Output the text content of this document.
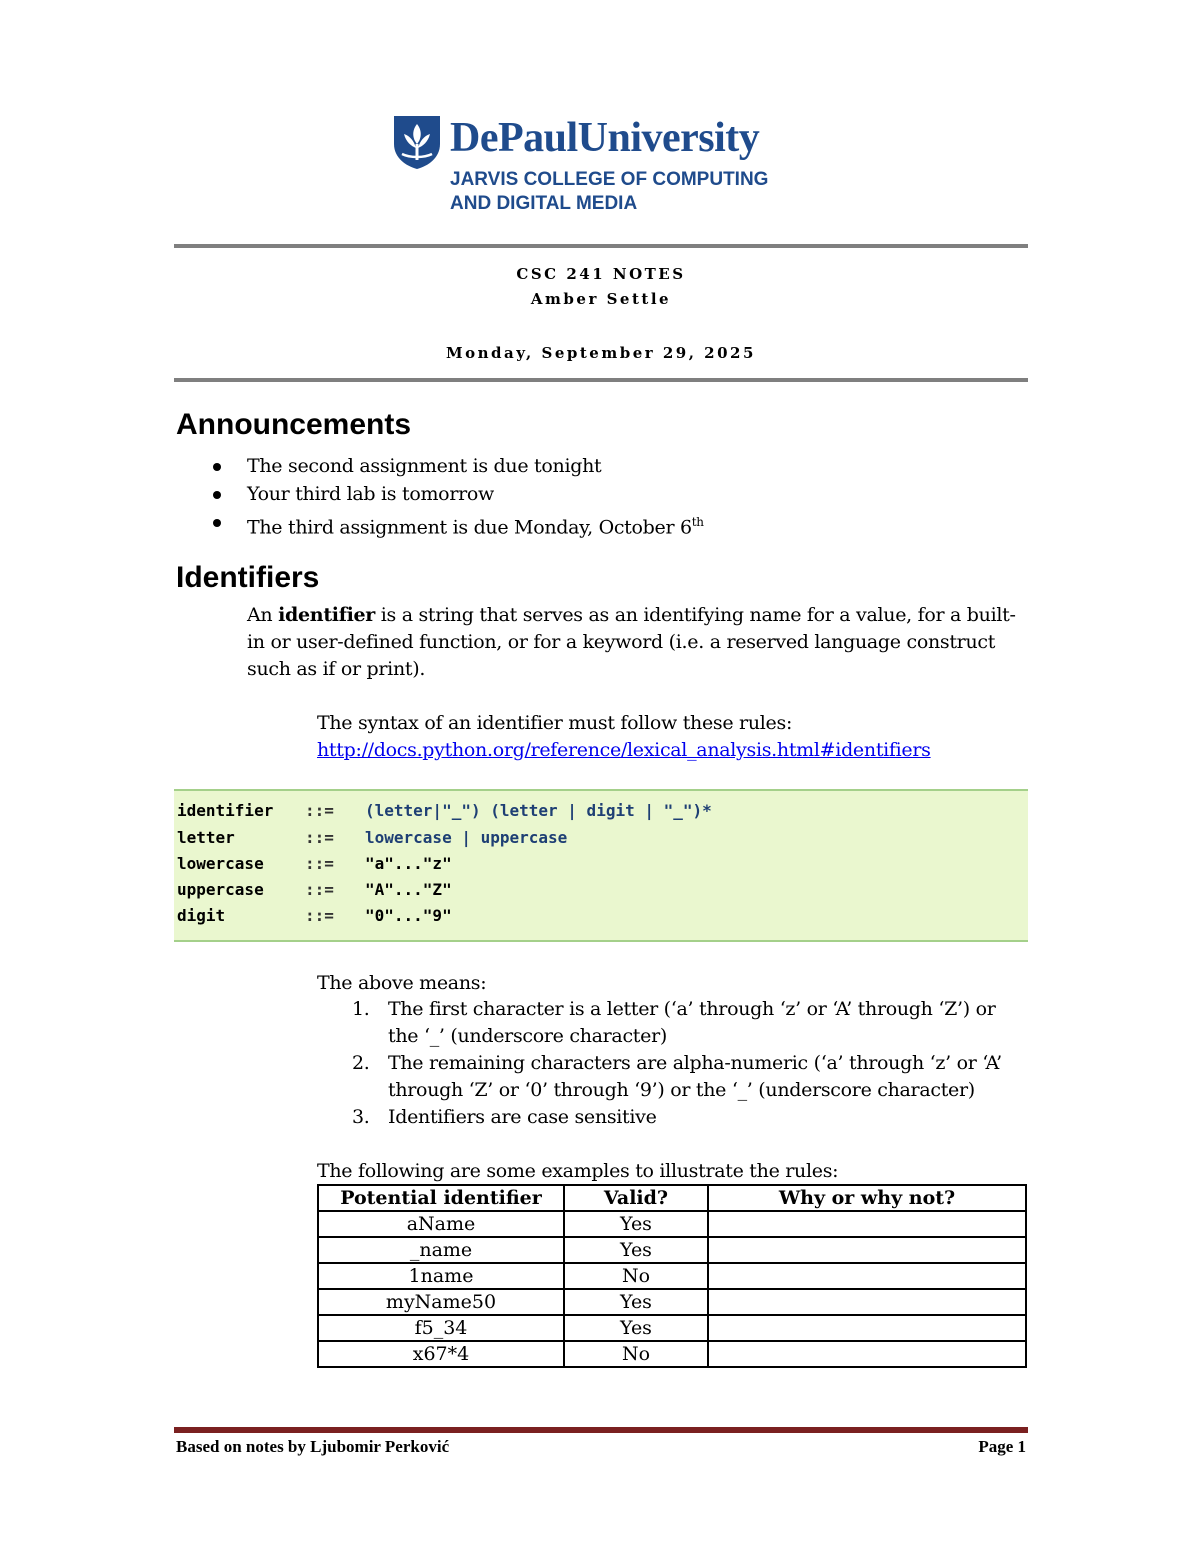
DePaulUniversity
JARVIS COLLEGE OF COMPUTING
AND DIGITAL MEDIA
CSC 241 NOTES
Amber Settle
Monday, September 29, 2025
Announcements
The second assignment is due tonight
Your third lab is tomorrow
The third assignment is due Monday, October 6th
Identifiers
An identifier is a string that serves as an identifying name for a value, for a built-
in or user-defined function, or for a keyword (i.e. a reserved language construct
such as if or print).
The syntax of an identifier must follow these rules:
http://docs.python.org/reference/lexical_analysis.html#identifiers
identifier ::= (letter|"_") (letter | digit | "_")*
letter	::= lowercase | uppercase
lowercase	::= "a"..."z"
uppercase	::= "A"..."Z"
digit	::= "0"..."9"
The above means:
1. The first character is a letter (‘a’ through ‘z’ or ‘A’ through ‘Z’) or
the ‘_’ (underscore character)
2. The remaining characters are alpha-numeric (‘a’ through ‘z’ or ‘A’
through ‘Z’ or ‘0’ through ‘9’) or the ‘_’ (underscore character)
3. Identifiers are case sensitive
The following are some examples to illustrate the rules:
Potential identifier	Valid?	Why or why not?
aName	Yes	
_name	Yes	
1name	No	
myName50	Yes	
f5_34	Yes	
x67*4	No	
Based on notes by Ljubomir Perković	Page 1
